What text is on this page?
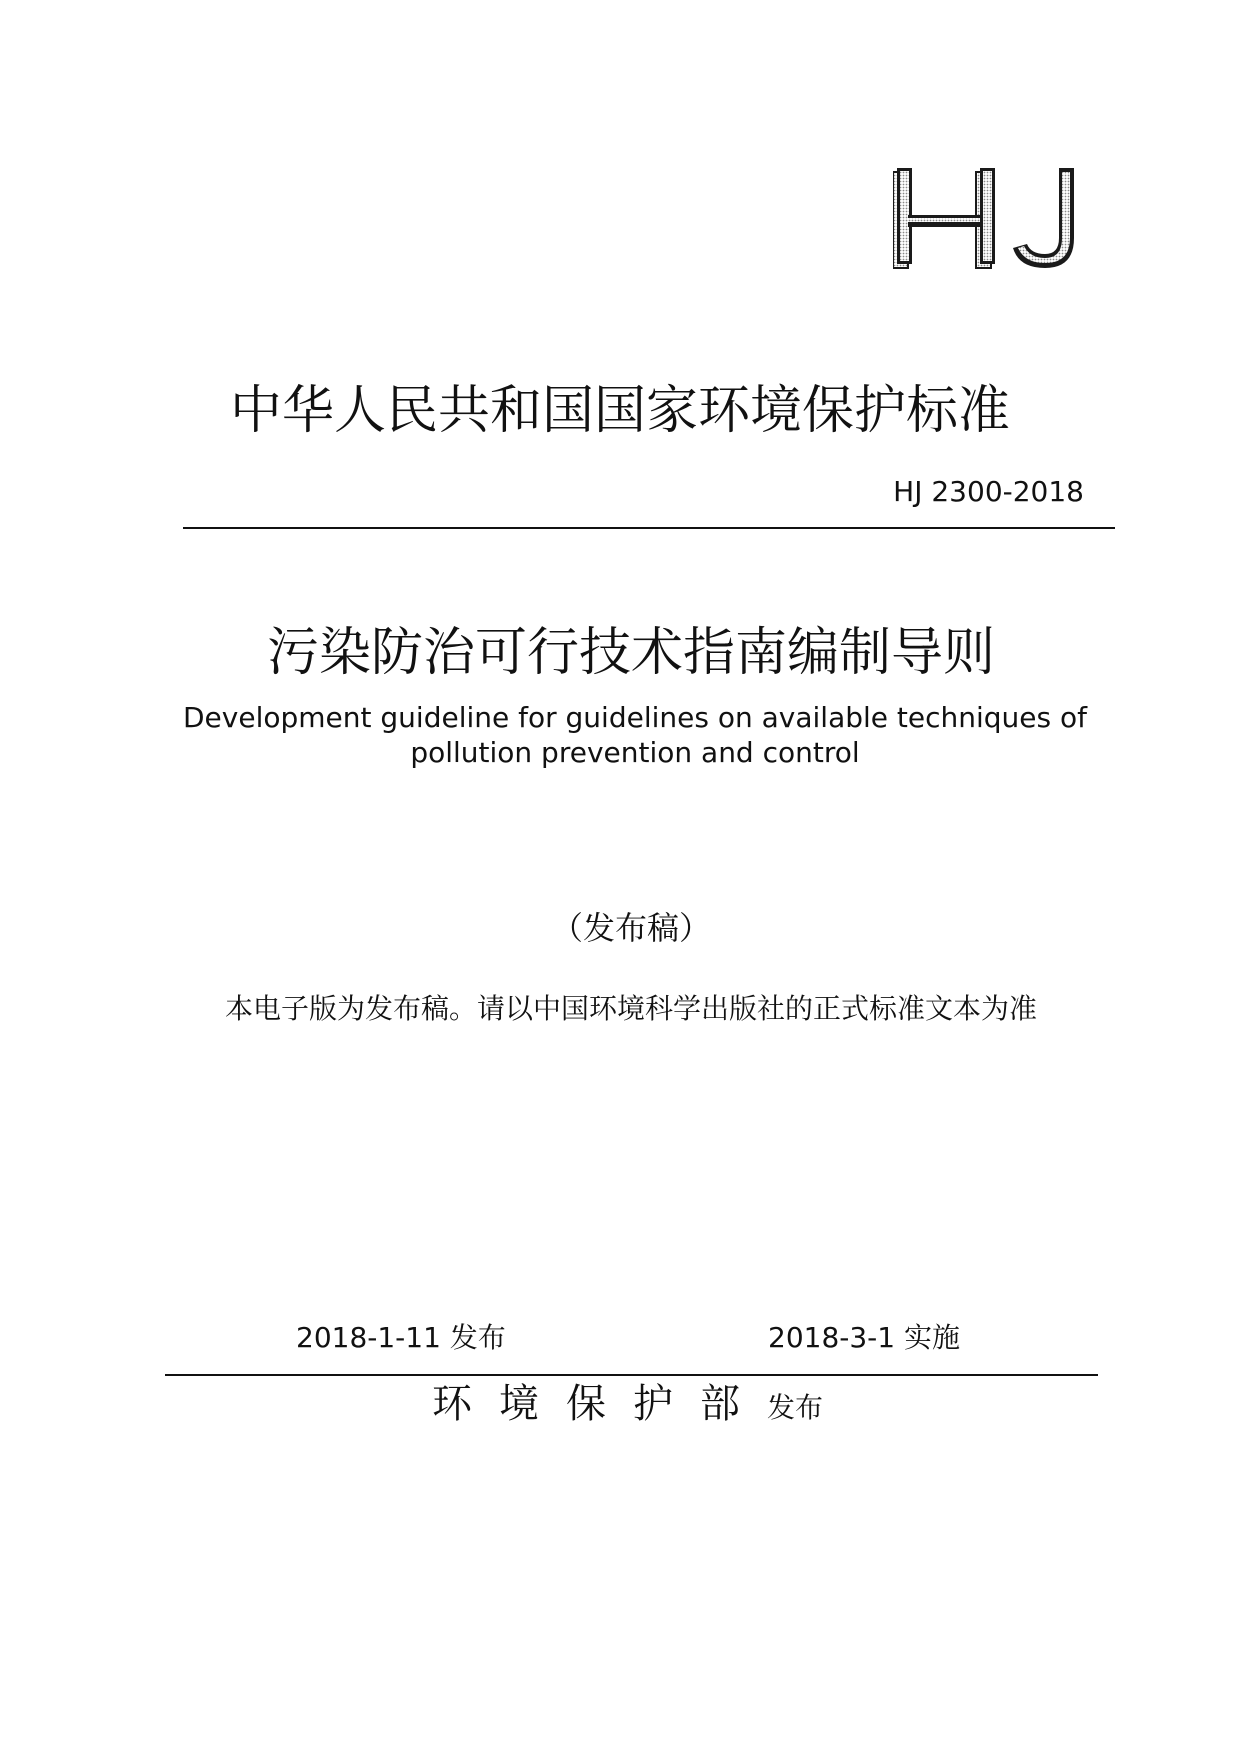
中华人民共和国国家环境保护标准
HJ 2300-2018
污染防治可行技术指南编制导则
Development guideline for guidelines on available techniques of pollution prevention and control
（发布稿）
本电子版为发布稿。请以中国环境科学出版社的正式标准文本为准
2018-1-11 发布	2018-3-1 实施
环境保护部发布
